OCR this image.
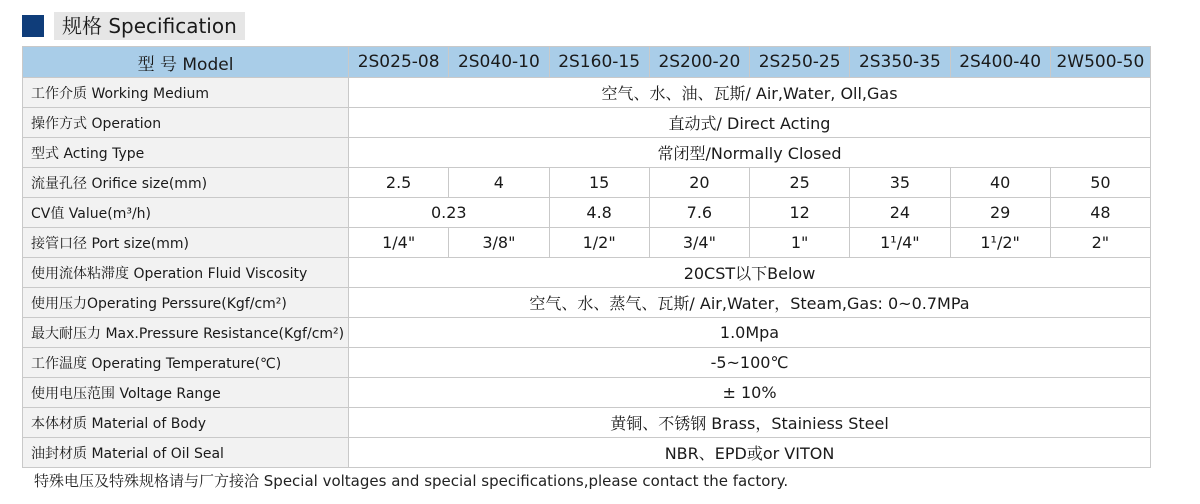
规格 Specification
型 号 Model	2S025-08	2S040-10	2S160-15	2S200-20	2S250-25	2S350-35	2S400-40	2W500-50
工作介质 Working Medium	空气、水、油、瓦斯/ Air,Water, Oll,Gas							
操作方式 Operation	直动式/ Direct Acting							
型式 Acting Type	常闭型/Normally Closed							
流量孔径 Orifice size(mm)	2.5	4	15	20	25	35	40	50
CV值 Value(m³/h)	0.23		4.8	7.6	12	24	29	48
接管口径 Port size(mm)	1/4"	3/8"	1/2"	3/4"	1"	1¹/4"	1¹/2"	2"
使用流体粘滞度 Operation Fluid Viscosity	20CST以下Below							
使用压力Operating Perssure(Kgf/cm²)	空气、水、蒸气、瓦斯/ Air,Water，Steam,Gas: 0~0.7MPa							
最大耐压力 Max.Pressure Resistance(Kgf/cm²)	1.0Mpa							
工作温度 Operating Temperature(℃)	-5~100℃							
使用电压范围 Voltage Range	± 10%							
本体材质 Material of Body	黄铜、不锈钢 Brass，Stainiess Steel							
油封材质 Material of Oil Seal	NBR、EPD或or VITON							
特殊电压及特殊规格请与厂方接洽 Special voltages and special specifications,please contact the factory.
